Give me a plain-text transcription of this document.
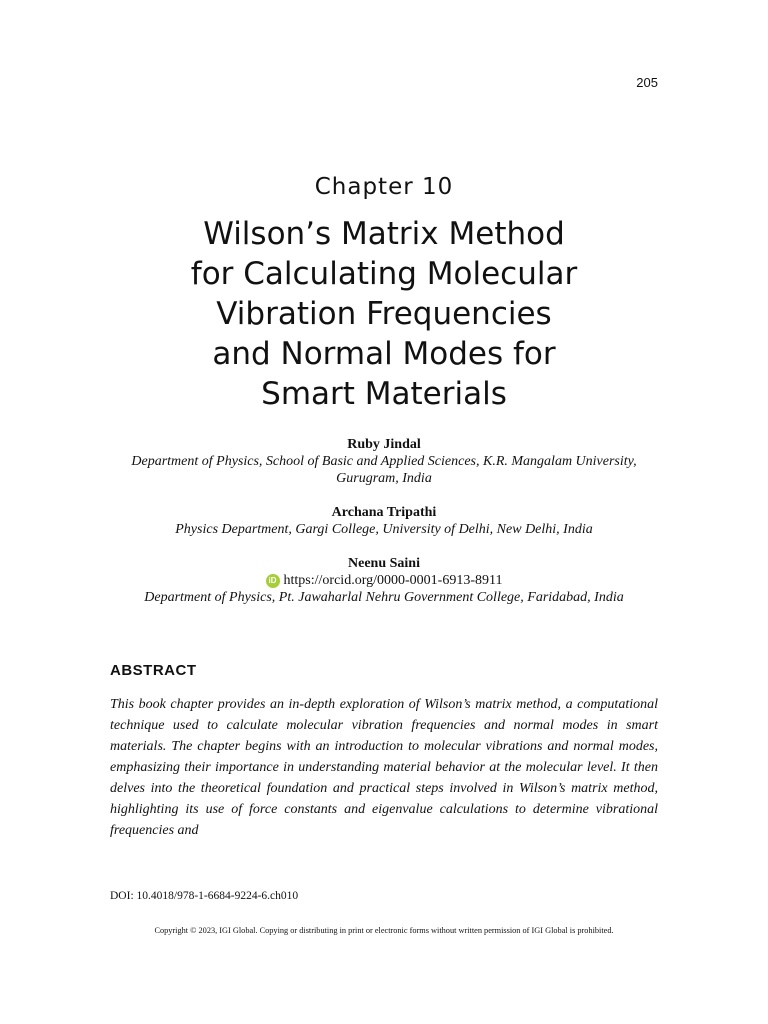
205
Chapter 10
Wilson’s Matrix Method
for Calculating Molecular
Vibration Frequencies
and Normal Modes for
Smart Materials
Ruby Jindal
Department of Physics, School of Basic and Applied Sciences, K.R. Mangalam University, Gurugram, India
Archana Tripathi
Physics Department, Gargi College, University of Delhi, New Delhi, India
Neenu Saini
iD https://orcid.org/0000-0001-6913-8911
Department of Physics, Pt. Jawaharlal Nehru Government College, Faridabad, India
ABSTRACT

This book chapter provides an in-depth exploration of Wilson’s matrix method, a computational technique used to calculate molecular vibration frequencies and normal modes in smart materials. The chapter begins with an introduction to molecular vibrations and normal modes, emphasizing their importance in understanding material behavior at the molecular level. It then delves into the theoretical foundation and practical steps involved in Wilson’s matrix method, highlighting its use of force constants and eigenvalue calculations to determine vibrational frequencies and

DOI: 10.4018/978-1-6684-9224-6.ch010
Copyright © 2023, IGI Global. Copying or distributing in print or electronic forms without written permission of IGI Global is prohibited.
